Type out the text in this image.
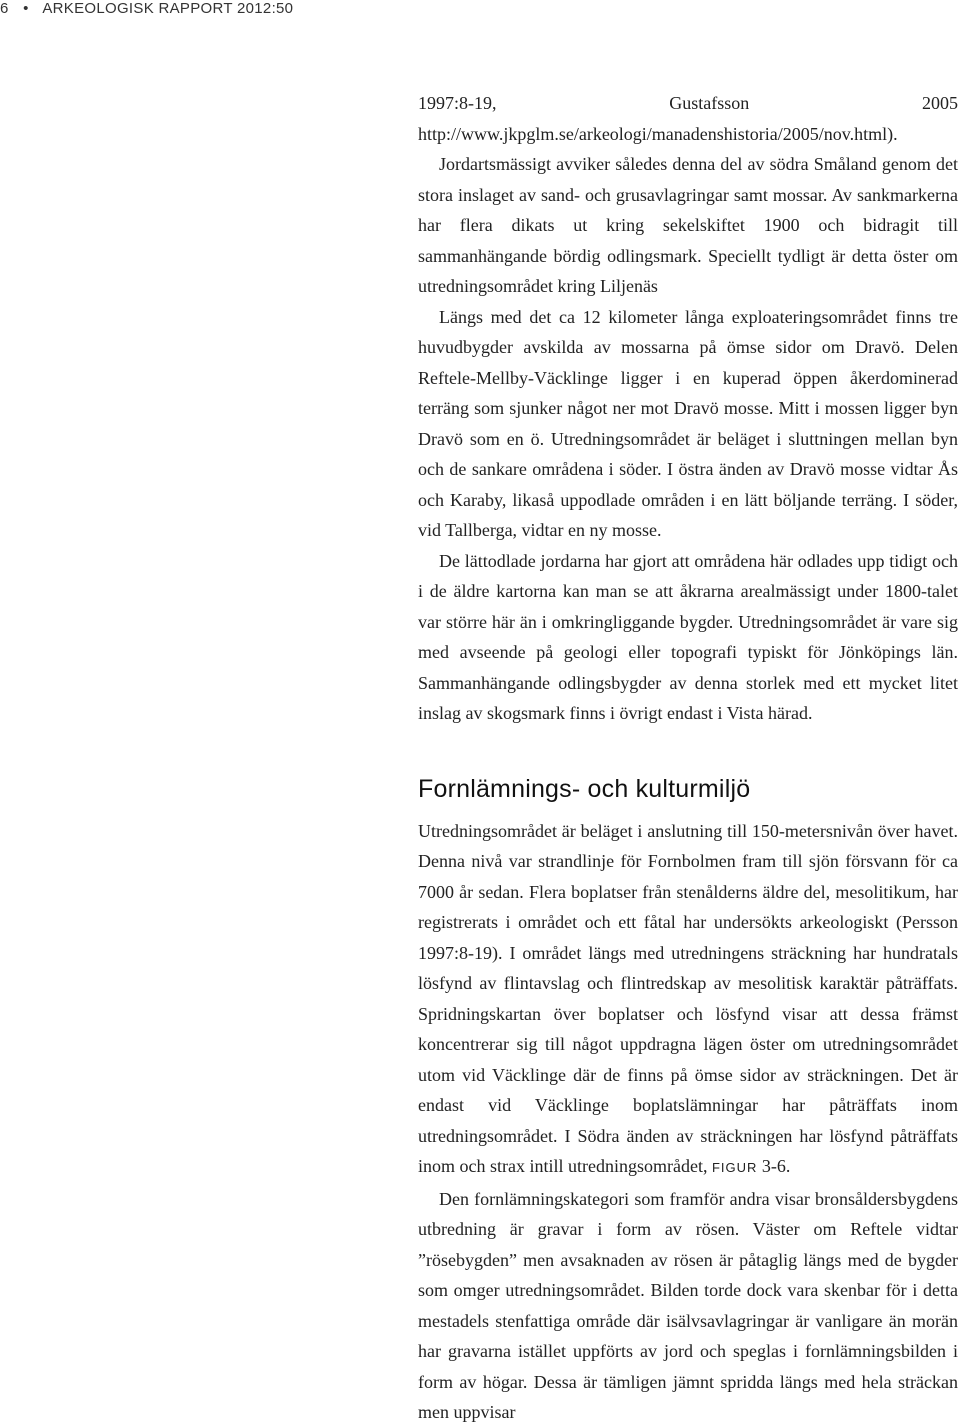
6 • ARKEOLOGISK RAPPORT 2012:50

1997:8-19, Gustafsson 2005 http://www.jkpglm.se/arkeologi/manadenshistoria/2005/nov.html).

Jordartsmässigt avviker således denna del av södra Småland genom det stora inslaget av sand- och grusavlagringar samt mossar. Av sankmarkerna har flera dikats ut kring sekelskiftet 1900 och bidragit till sammanhängande bördig odlingsmark. Speciellt tydligt är detta öster om utredningsområdet kring Liljenäs

Längs med det ca 12 kilometer långa exploateringsområdet finns tre huvudbygder avskilda av mossarna på ömse sidor om Dravö. Delen Reftele-Mellby-Väcklinge ligger i en kuperad öppen åkerdominerad terräng som sjunker något ner mot Dravö mosse. Mitt i mossen ligger byn Dravö som en ö. Utredningsområdet är beläget i sluttningen mellan byn och de sankare områdena i söder. I östra änden av Dravö mosse vidtar Ås och Karaby, likaså uppodlade områden i en lätt böljande terräng. I söder, vid Tallberga, vidtar en ny mosse.

De lättodlade jordarna har gjort att områdena här odlades upp tidigt och i de äldre kartorna kan man se att åkrarna arealmässigt under 1800-talet var större här än i omkringliggande bygder. Utredningsområdet är vare sig med avseende på geologi eller topografi typiskt för Jönköpings län. Sammanhängande odlingsbygder av denna storlek med ett mycket litet inslag av skogsmark finns i övrigt endast i Vista härad.

Fornlämnings- och kulturmiljö

Utredningsområdet är beläget i anslutning till 150-metersnivån över havet. Denna nivå var strandlinje för Fornbolmen fram till sjön försvann för ca 7000 år sedan. Flera boplatser från stenålderns äldre del, mesolitikum, har registrerats i området och ett fåtal har undersökts arkeologiskt (Persson 1997:8-19). I området längs med utredningens sträckning har hundratals lösfynd av flintavslag och flintredskap av mesolitisk karaktär påträffats. Spridningskartan över boplatser och lösfynd visar att dessa främst koncentrerar sig till något uppdragna lägen öster om utredningsområdet utom vid Väcklinge där de finns på ömse sidor av sträckningen. Det är endast vid Väcklinge boplatslämningar har påträffats inom utredningsområdet. I Södra änden av sträckningen har lösfynd påträffats inom och strax intill utredningsområdet, FIGUR 3-6.

Den fornlämningskategori som framför andra visar bronsåldersbygdens utbredning är gravar i form av rösen. Väster om Reftele vidtar ”rösebygden” men avsaknaden av rösen är påtaglig längs med de bygder som omger utredningsområdet. Bilden torde dock vara skenbar för i detta mestadels stenfattiga område där isälvsavlagringar är vanligare än morän har gravarna istället uppförts av jord och speglas i fornlämningsbilden i form av högar. Dessa är tämligen jämnt spridda längs med hela sträckan men uppvisar
